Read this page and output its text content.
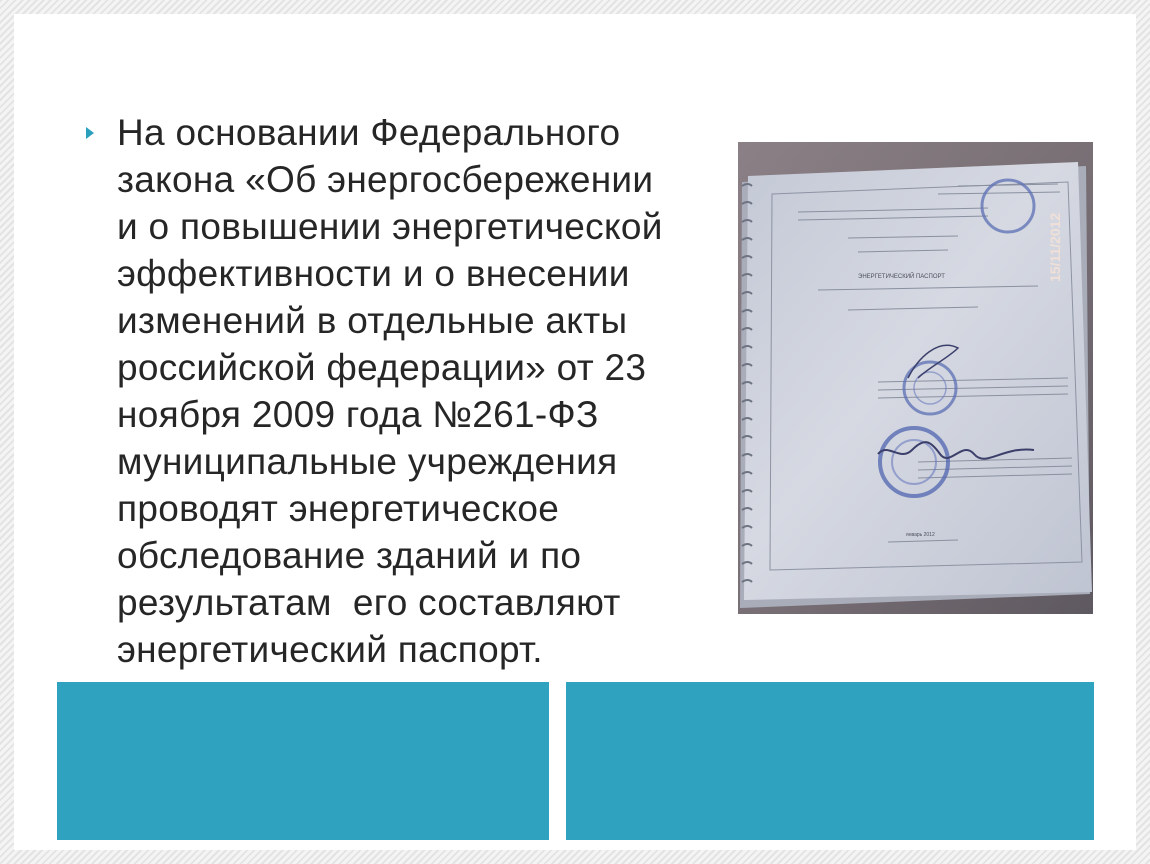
На основании Федерального
закона «Об энергосбережении
и о повышении энергетической
эффективности и о внесении
изменений в отдельные акты
российской федерации» от 23
ноября 2009 года №261-ФЗ
муниципальные учреждения
проводят энергетическое
обследование зданий и по
результатам  его составляют
энергетический паспорт.
ЭНЕРГЕТИЧЕСКИЙ ПАСПОРТ
январь 2012
15/11/2012
